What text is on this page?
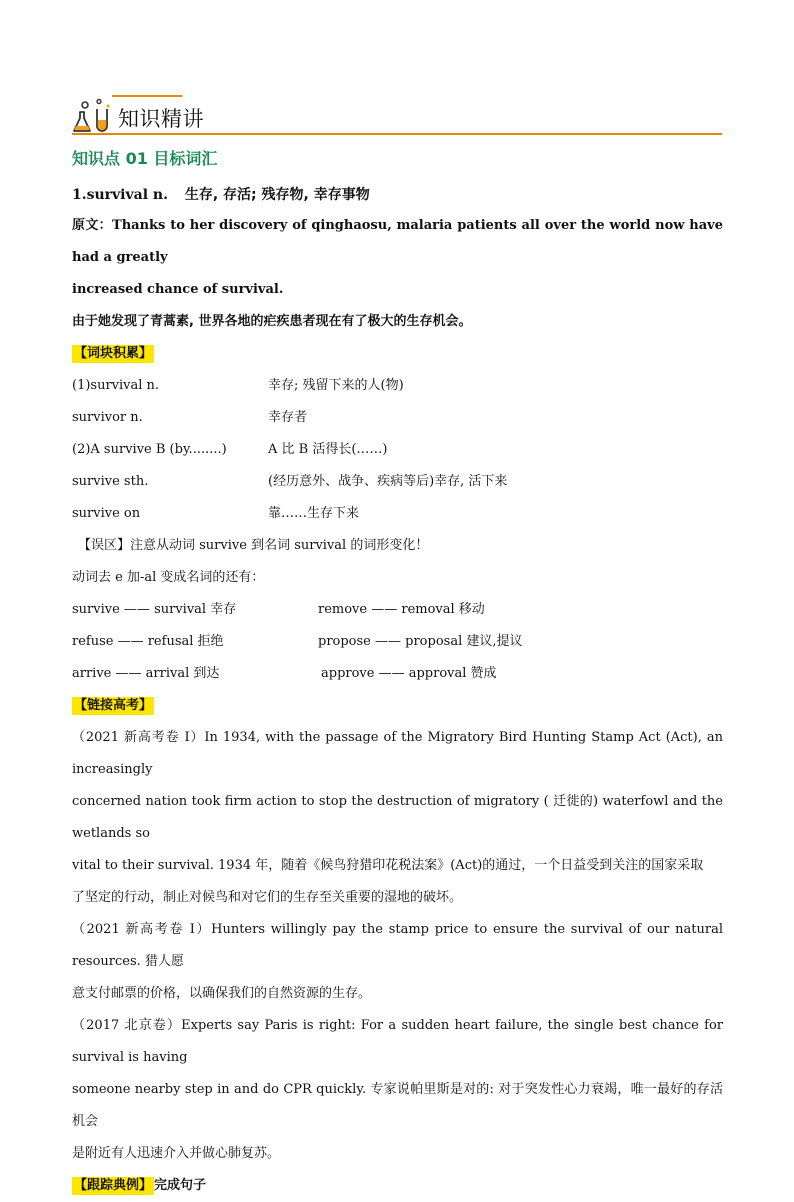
知识精讲
知识点 01 目标词汇
1.survival n. 生存, 存活; 残存物, 幸存事物
原文：Thanks to her discovery of qinghaosu, malaria patients all over the world now have had a greatly
increased chance of survival.
由于她发现了青蒿素, 世界各地的疟疾患者现在有了极大的生存机会。
【词块积累】
(1)survival n.	幸存; 残留下来的人(物)
survivor n.	幸存者
(2)A survive B (by........)	A 比 B 活得长(……)
survive sth.	(经历意外、战争、疾病等后)幸存, 活下来
survive on	靠……生存下来
【误区】注意从动词 survive 到名词 survival 的词形变化！
动词去 e 加-al 变成名词的还有：
survive —— survival 幸存	remove —— removal 移动
refuse —— refusal 拒绝	propose —— proposal 建议,提议
arrive —— arrival 到达	approve —— approval 赞成
【链接高考】
（2021 新高考卷 I）In 1934, with the passage of the Migratory Bird Hunting Stamp Act (Act), an increasingly
concerned nation took firm action to stop the destruction of migratory ( 迁徙的) waterfowl and the wetlands so
vital to their survival. 1934 年，随着《候鸟狩猎印花税法案》(Act)的通过，一个日益受到关注的国家采取
了坚定的行动，制止对候鸟和对它们的生存至关重要的湿地的破坏。
（2021 新高考卷 I）Hunters willingly pay the stamp price to ensure the survival of our natural resources. 猎人愿
意支付邮票的价格，以确保我们的自然资源的生存。
（2017 北京卷）Experts say Paris is right: For a sudden heart failure, the single best chance for survival is having
someone nearby step in and do CPR quickly. 专家说帕里斯是对的: 对于突发性心力衰竭，唯一最好的存活机会
是附近有人迅速介入并做心肺复苏。
【跟踪典例】 完成句子
